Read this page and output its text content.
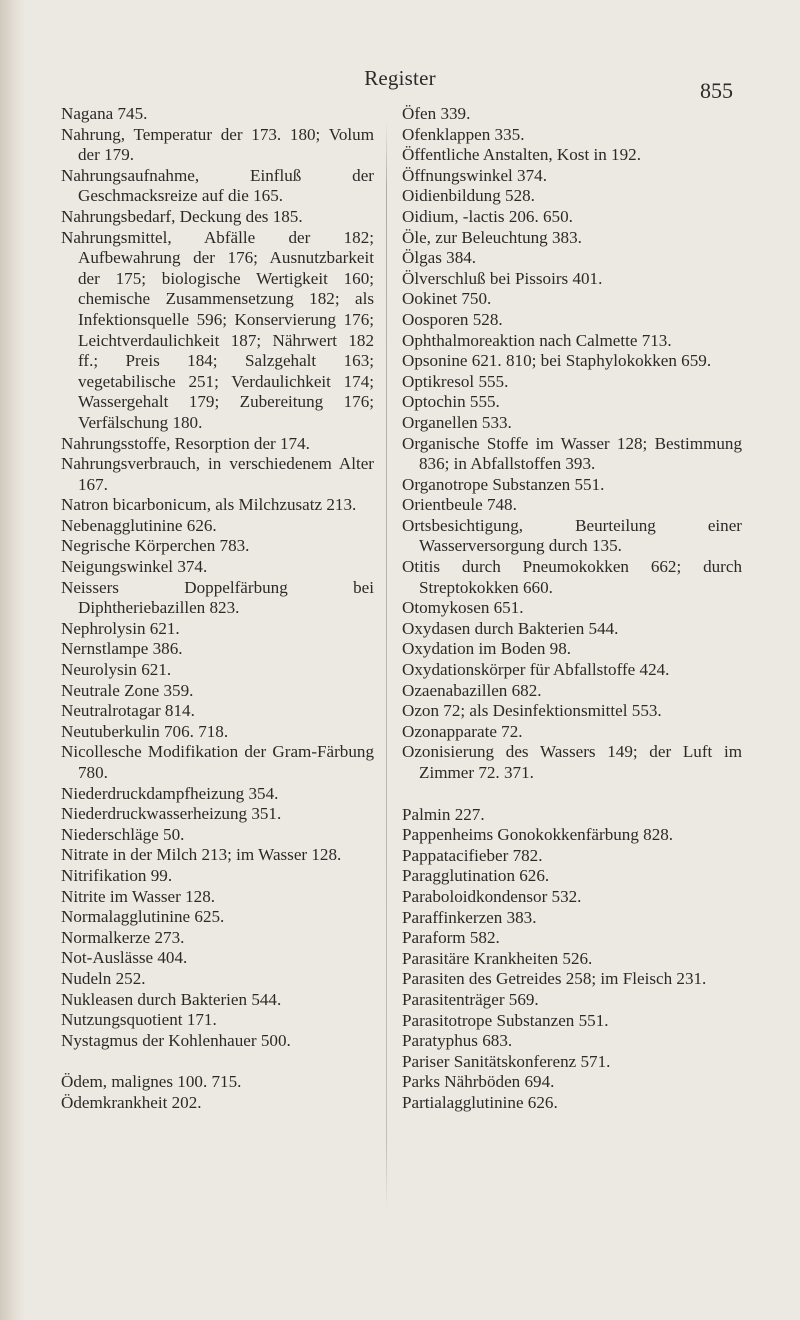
Register	855

Nagana 745.

Nahrung, Temperatur der 173. 180; Volum der 179.

Nahrungsaufnahme, Einfluß der Geschmacksreize auf die 165.

Nahrungsbedarf, Deckung des 185.

Nahrungsmittel, Abfälle der 182; Aufbewahrung der 176; Ausnutzbarkeit der 175; biologische Wertigkeit 160; chemische Zusammensetzung 182; als Infektionsquelle 596; Konservierung 176; Leichtverdaulichkeit 187; Nährwert 182 ff.; Preis 184; Salzgehalt 163; vegetabilische 251; Verdaulichkeit 174; Wassergehalt 179; Zubereitung 176; Verfälschung 180.

Nahrungsstoffe, Resorption der 174.

Nahrungsverbrauch, in verschiedenem Alter 167.

Natron bicarbonicum, als Milchzusatz 213.

Nebenagglutinine 626.

Negrische Körperchen 783.

Neigungswinkel 374.

Neissers Doppelfärbung bei Diphtheriebazillen 823.

Nephrolysin 621.

Nernstlampe 386.

Neurolysin 621.

Neutrale Zone 359.

Neutralrotagar 814.

Neutuberkulin 706. 718.

Nicollesche Modifikation der Gram-Färbung 780.

Niederdruckdampfheizung 354.

Niederdruckwasserheizung 351.

Niederschläge 50.

Nitrate in der Milch 213; im Wasser 128.

Nitrifikation 99.

Nitrite im Wasser 128.

Normalagglutinine 625.

Normalkerze 273.

Not-Auslässe 404.

Nudeln 252.

Nukleasen durch Bakterien 544.

Nutzungsquotient 171.

Nystagmus der Kohlenhauer 500.

Ödem, malignes 100. 715.

Ödemkrankheit 202.

Öfen 339.

Ofenklappen 335.

Öffentliche Anstalten, Kost in 192.

Öffnungswinkel 374.

Oidienbildung 528.

Oidium, -lactis 206. 650.

Öle, zur Beleuchtung 383.

Ölgas 384.

Ölverschluß bei Pissoirs 401.

Ookinet 750.

Oosporen 528.

Ophthalmoreaktion nach Calmette 713.

Opsonine 621. 810; bei Staphylokokken 659.

Optikresol 555.

Optochin 555.

Organellen 533.

Organische Stoffe im Wasser 128; Bestimmung 836; in Abfallstoffen 393.

Organotrope Substanzen 551.

Orientbeule 748.

Ortsbesichtigung, Beurteilung einer Wasserversorgung durch 135.

Otitis durch Pneumokokken 662; durch Streptokokken 660.

Otomykosen 651.

Oxydasen durch Bakterien 544.

Oxydation im Boden 98.

Oxydationskörper für Abfallstoffe 424.

Ozaenabazillen 682.

Ozon 72; als Desinfektionsmittel 553.

Ozonapparate 72.

Ozonisierung des Wassers 149; der Luft im Zimmer 72. 371.

Palmin 227.

Pappenheims Gonokokkenfärbung 828.

Pappatacifieber 782.

Paragglutination 626.

Paraboloidkondensor 532.

Paraffinkerzen 383.

Paraform 582.

Parasitäre Krankheiten 526.

Parasiten des Getreides 258; im Fleisch 231.

Parasitenträger 569.

Parasitotrope Substanzen 551.

Paratyphus 683.

Pariser Sanitätskonferenz 571.

Parks Nährböden 694.

Partialagglutinine 626.
